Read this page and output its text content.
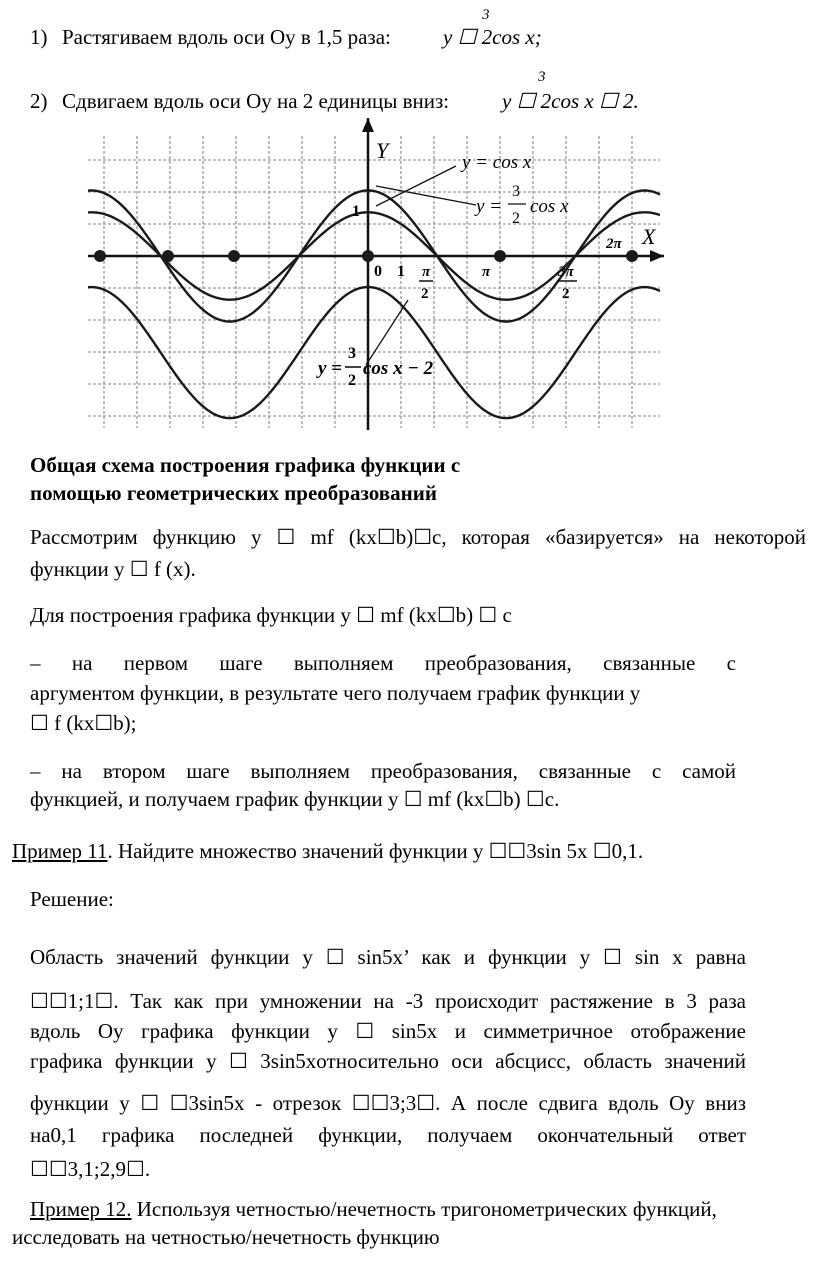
1) Растягиваем вдоль оси Оу в 1,5 раза:
3
y ☐ 2cos x;
2) Сдвигаем вдоль оси Оу на 2 единицы вниз:
3
y ☐ 2cos x ☐ 2.
Y
X
y = cos x
y =
3
2
cos x
y =
3
2
cos x − 2
1
0 1 π
2
π	3π
2
2π
Общая схема построения графика функции с
помощью геометрических преобразований
Рассмотрим функцию y ☐ mf (kx☐b)☐c, которая «базируется» на некоторой
функции y ☐ f (x).
Для построения графика функции y ☐ mf (kx☐b) ☐ c
– на первом шаге выполняем преобразования, связанные с
аргументом функции, в результате чего получаем график функции y
☐ f (kx☐b);
– на втором шаге выполняем преобразования, связанные с самой
функцией, и получаем график функции y ☐ mf (kx☐b) ☐c.
Пример 11. Найдите множество значений функции y ☐☐3sin 5x ☐0,1.
Решение:
Область значений функции y ☐ sin5x’ как и функции y ☐ sin x равна
☐☐1;1☐. Так как при умножении на -3 происходит растяжение в 3 раза
вдоль Оу графика функции y ☐ sin5x и симметричное отображение
графика функции y ☐ 3sin5xотносительно оси абсцисс, область значений
функции y ☐ ☐3sin5x - отрезок ☐☐3;3☐. А после сдвига вдоль Оу вниз
на0,1 графика последней функции, получаем окончательный ответ
☐☐3,1;2,9☐.
Пример 12. Используя четностью/нечетность тригонометрических функций,
исследовать на четностью/нечетность функцию
